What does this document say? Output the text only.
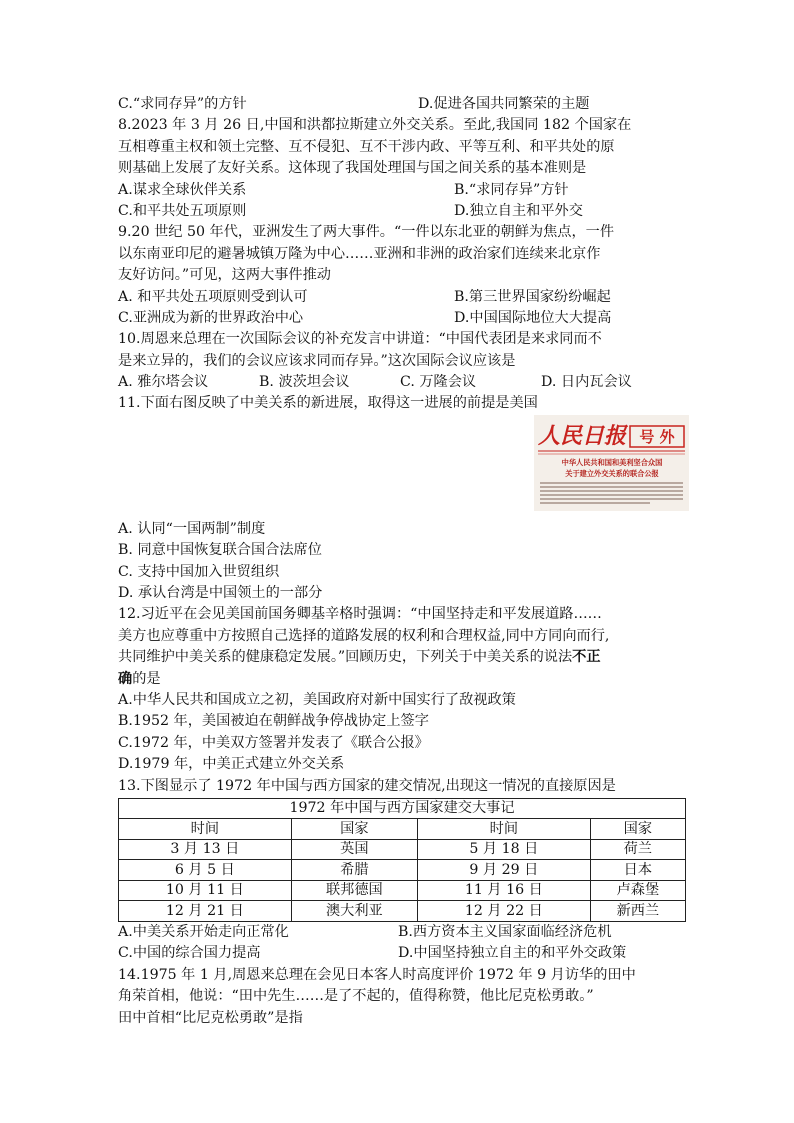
C.“求同存异”的方针	D.促进各国共同繁荣的主题
8.2023 年 3 月 26 日,中国和洪都拉斯建立外交关系。至此,我国同 182 个国家在
互相尊重主权和领土完整、互不侵犯、互不干涉内政、平等互利、和平共处的原
则基础上发展了友好关系。这体现了我国处理国与国之间关系的基本准则是
A.谋求全球伙伴关系	B.“求同存异”方针
C.和平共处五项原则	D.独立自主和平外交
9.20 世纪 50 年代，亚洲发生了两大事件。“一件以东北亚的朝鲜为焦点，一件
以东南亚印尼的避暑城镇万隆为中心……亚洲和非洲的政治家们连续来北京作
友好访问。”可见，这两大事件推动
A. 和平共处五项原则受到认可	B.第三世界国家纷纷崛起
C.亚洲成为新的世界政治中心	D.中国国际地位大大提高
10.周恩来总理在一次国际会议的补充发言中讲道：“中国代表团是来求同而不
是来立异的，我们的会议应该求同而存异。”这次国际会议应该是
A. 雅尔塔会议	B. 波茨坦会议	C. 万隆会议	D. 日内瓦会议
11.下面右图反映了中美关系的新进展，取得这一进展的前提是美国
人民日报 号 外
中华人民共和国和美利坚合众国
关于建立外交关系的联合公报
A. 认同“一国两制”制度
B. 同意中国恢复联合国合法席位
C. 支持中国加入世贸组织
D. 承认台湾是中国领土的一部分
12.习近平在会见美国前国务卿基辛格时强调：“中国坚持走和平发展道路……
美方也应尊重中方按照自己选择的道路发展的权利和合理权益,同中方同向而行,
共同维护中美关系的健康稳定发展。”回顾历史，下列关于中美关系的说法不正
确的是
A.中华人民共和国成立之初，美国政府对新中国实行了敌视政策
B.1952 年，美国被迫在朝鲜战争停战协定上签字
C.1972 年，中美双方签署并发表了《联合公报》
D.1979 年，中美正式建立外交关系
13.下图显示了 1972 年中国与西方国家的建交情况,出现这一情况的直接原因是
1972 年中国与西方国家建交大事记			
时间	国家	时间	国家
3 月 13 日	英国	5 月 18 日	荷兰
6 月 5 日	希腊	9 月 29 日	日本
10 月 11 日	联邦德国	11 月 16 日	卢森堡
12 月 21 日	澳大利亚	12 月 22 日	新西兰
A.中美关系开始走向正常化	B.西方资本主义国家面临经济危机
C.中国的综合国力提高	D.中国坚持独立自主的和平外交政策
14.1975 年 1 月,周恩来总理在会见日本客人时高度评价 1972 年 9 月访华的田中
角荣首相，他说：“田中先生……是了不起的，值得称赞，他比尼克松勇敢。”
田中首相“比尼克松勇敢”是指
